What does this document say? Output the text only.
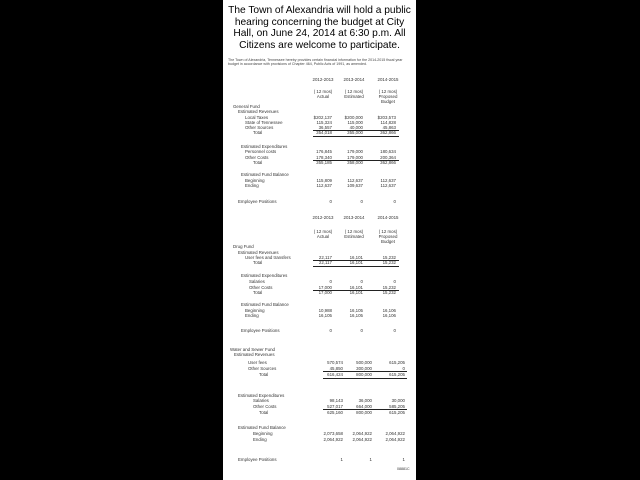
The Town of Alexandria will hold a public hearing concerning the budget at City Hall, on June 24, 2014 at 6:30 p.m. All Citizens are welcome to participate.
The Town of Alexandria, Tennessee hereby provides certain financial information for the 2014-2015 fiscal year budget in accordance with provisions of Chapter 464, Public Acts of 1991, as amended.
2012-2013	2013-2014	2014-2015
( 12 mos)	( 12 mos)	( 12 mos)
Actual	Estimated	Proposed
Budget
General Fund
Estimated Revenues
Local Taxes	$202,137	$200,000	$203,573
State of Tennessee	115,324	115,000	114,828
Other Sources	36,557	40,000	45,863
Total	354,018	355,000	362,866
Estimated Expenditures
Personnel costs	176,845	179,000	180,634
Other Costs	178,340	179,000	200,364
Total	355,185	358,000	362,866
Estimated Fund Balance
Beginning	115,809	112,637	112,637
Ending	112,637	109,637	112,637
Employee Positions	0	0	0
2012-2013	2013-2014	2014-2015
( 12 mos)	( 12 mos)	( 12 mos)
Actual	Estimated	Proposed
Budget
Drug Fund
Estimated Revenues
User fees and transfers	22,117	16,101	15,232
Total	22,117	16,101	15,232
Estimated Expenditures
Salaries	0	0	0
Other Costs	17,000	16,101	15,232
Total	17,000	16,101	15,232
Estimated Fund Balance
Beginning	10,988	16,105	16,106
Ending	16,105	16,105	16,106
Employee Positions	0	0	0
Water and Sewer Fund
Estimated Revenues
User fees	570,574	500,000	615,205
Other Sources	45,850	300,000	0
Total	616,424	800,000	615,205
Estimated Expenditures
Salaries	98,143	36,000	30,000
Other Costs	527,017	664,000	585,205
Total	625,160	800,000	615,205
Estimated Fund Balance
Beginning	2,073,658	2,064,922	2,064,922
Ending	2,064,922	2,064,922	2,064,922
Employee Positions	1	1	1
08881C
